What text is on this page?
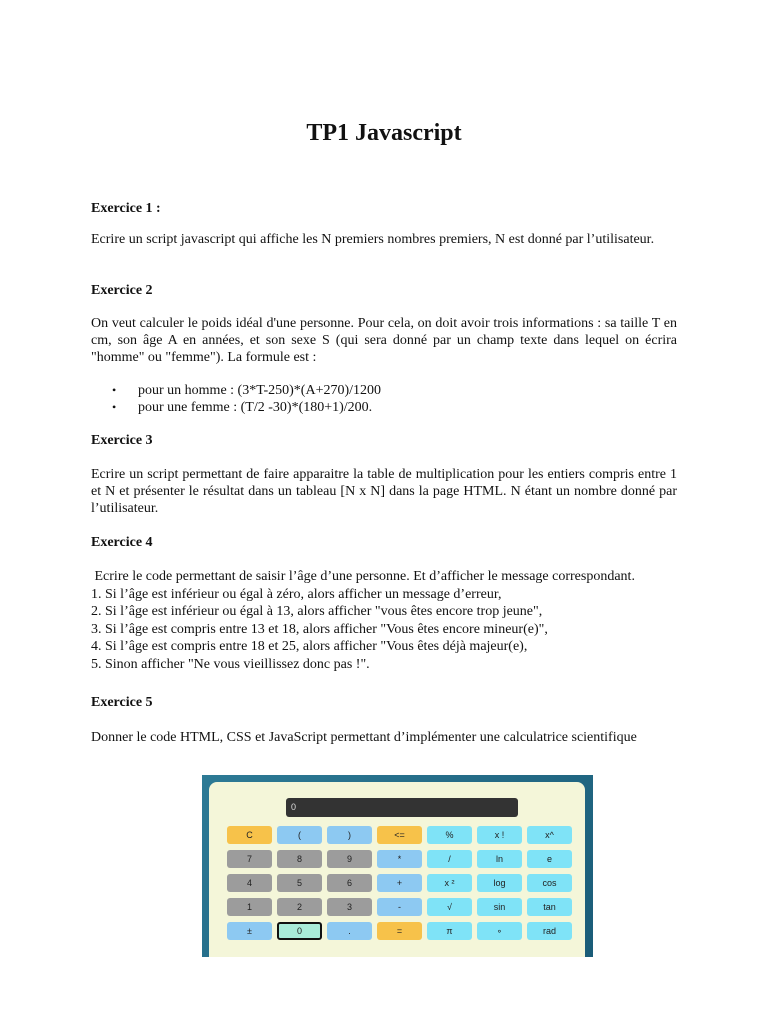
TP1 Javascript

Exercice 1 :

Ecrire un script javascript qui affiche les N premiers nombres premiers, N est donné par l’utilisateur.

Exercice 2

On veut calculer le poids idéal d'une personne. Pour cela, on doit avoir trois informations : sa taille T en cm, son âge A en années, et son sexe S (qui sera donné par un champ texte dans lequel on écrira "homme" ou "femme"). La formule est :

• pour un homme : (3*T-250)*(A+270)/1200
• pour une femme : (T/2 -30)*(180+1)/200.

Exercice 3

Ecrire un script permettant de faire apparaitre la table de multiplication pour les entiers compris entre 1 et N et présenter le résultat dans un tableau [N x N] dans la page HTML. N étant un nombre donné par l’utilisateur.

Exercice 4

Ecrire le code permettant de saisir l’âge d’une personne. Et d’afficher le message correspondant.
1. Si l’âge est inférieur ou égal à zéro, alors afficher un message d’erreur,
2. Si l’âge est inférieur ou égal à 13, alors afficher "vous êtes encore trop jeune",
3. Si l’âge est compris entre 13 et 18, alors afficher "Vous êtes encore mineur(e)",
4. Si l’âge est compris entre 18 et 25, alors afficher "Vous êtes déjà majeur(e),
5. Sinon afficher "Ne vous vieillissez donc pas !".

Exercice 5

Donner le code HTML, CSS et JavaScript permettant d’implémenter une calculatrice scientifique

0
C	(	)	<=	%	x !	x^
7	8	9	*	/	ln	e
4	5	6	+	x ²	log	cos
1	2	3	-	√	sin	tan
±	0	.	=	π	∘	rad
